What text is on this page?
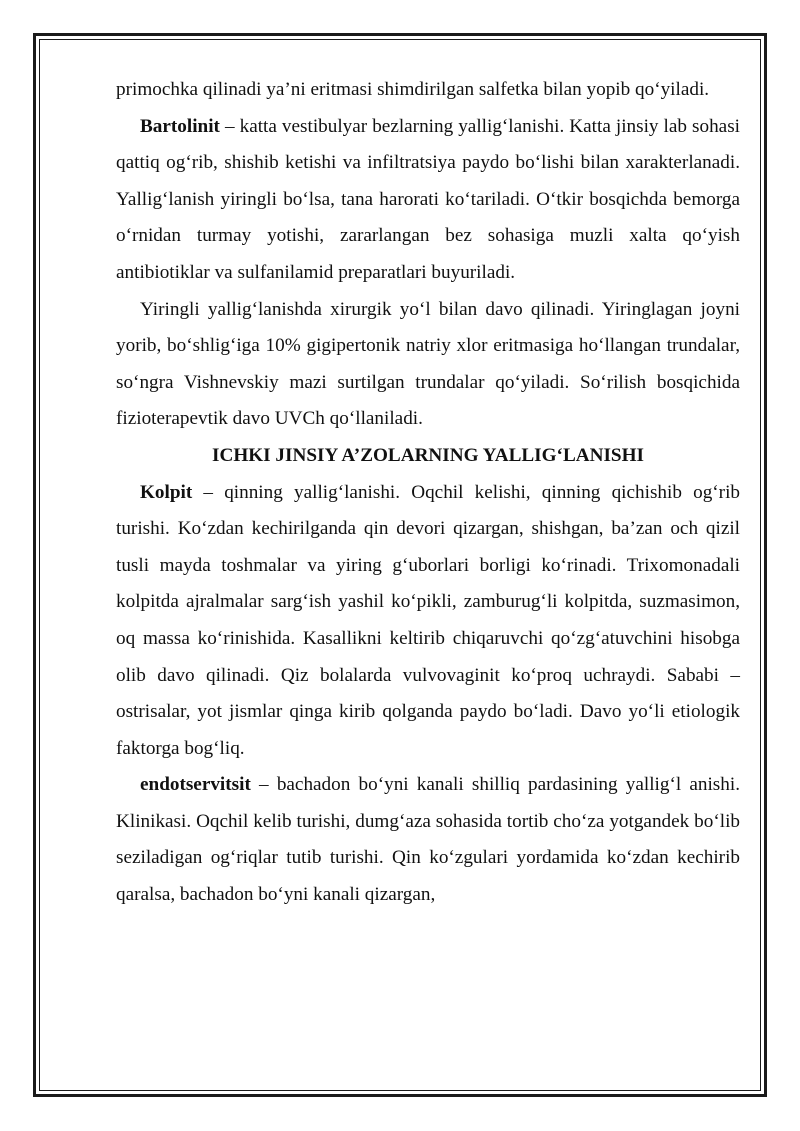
primochka qilinadi ya’ni eritmasi shimdirilgan salfetka bilan yopib qo‘yiladi.

Bartolinit – katta vestibulyar bezlarning yallig‘lanishi. Katta jinsiy lab sohasi qattiq og‘rib, shishib ketishi va infiltratsiya paydo bo‘lishi bilan xarakterlanadi. Yallig‘lanish yiringli bo‘lsa, tana harorati ko‘tariladi. O‘tkir bosqichda bemorga o‘rnidan turmay yotishi, zararlangan bez sohasiga muzli xalta qo‘yish antibiotiklar va sulfanilamid preparatlari buyuriladi.

Yiringli yallig‘lanishda xirurgik yo‘l bilan davo qilinadi. Yiringlagan joyni yorib, bo‘shlig‘iga 10% gigipertonik natriy xlor eritmasiga ho‘llangan trundalar, so‘ngra Vishnevskiy mazi surtilgan trundalar qo‘yiladi. So‘rilish bosqichida fizioterapevtik davo UVCh qo‘llaniladi.

ICHKI JINSIY A’ZOLARNING YALLIG‘LANISHI

Kolpit – qinning yallig‘lanishi. Oqchil kelishi, qinning qichishib og‘rib turishi. Ko‘zdan kechirilganda qin devori qizargan, shishgan, ba’zan och qizil tusli mayda toshmalar va yiring g‘uborlari borligi ko‘rinadi. Trixomonadali kolpitda ajralmalar sarg‘ish yashil ko‘pikli, zamburug‘li kolpitda, suzmasimon, oq massa ko‘rinishida. Kasallikni keltirib chiqaruvchi qo‘zg‘atuvchini hisobga olib davo qilinadi. Qiz bolalarda vulvovaginit ko‘proq uchraydi. Sababi – ostrisalar, yot jismlar qinga kirib qolganda paydo bo‘ladi. Davo yo‘li etiologik faktorga bog‘liq.

endotservitsit – bachadon bo‘yni kanali shilliq pardasining yallig‘l anishi. Klinikasi. Oqchil kelib turishi, dumg‘aza sohasida tortib cho‘za yotgandek bo‘lib seziladigan og‘riqlar tutib turishi. Qin ko‘zgulari yordamida ko‘zdan kechirib qaralsa, bachadon bo‘yni kanali qizargan,
